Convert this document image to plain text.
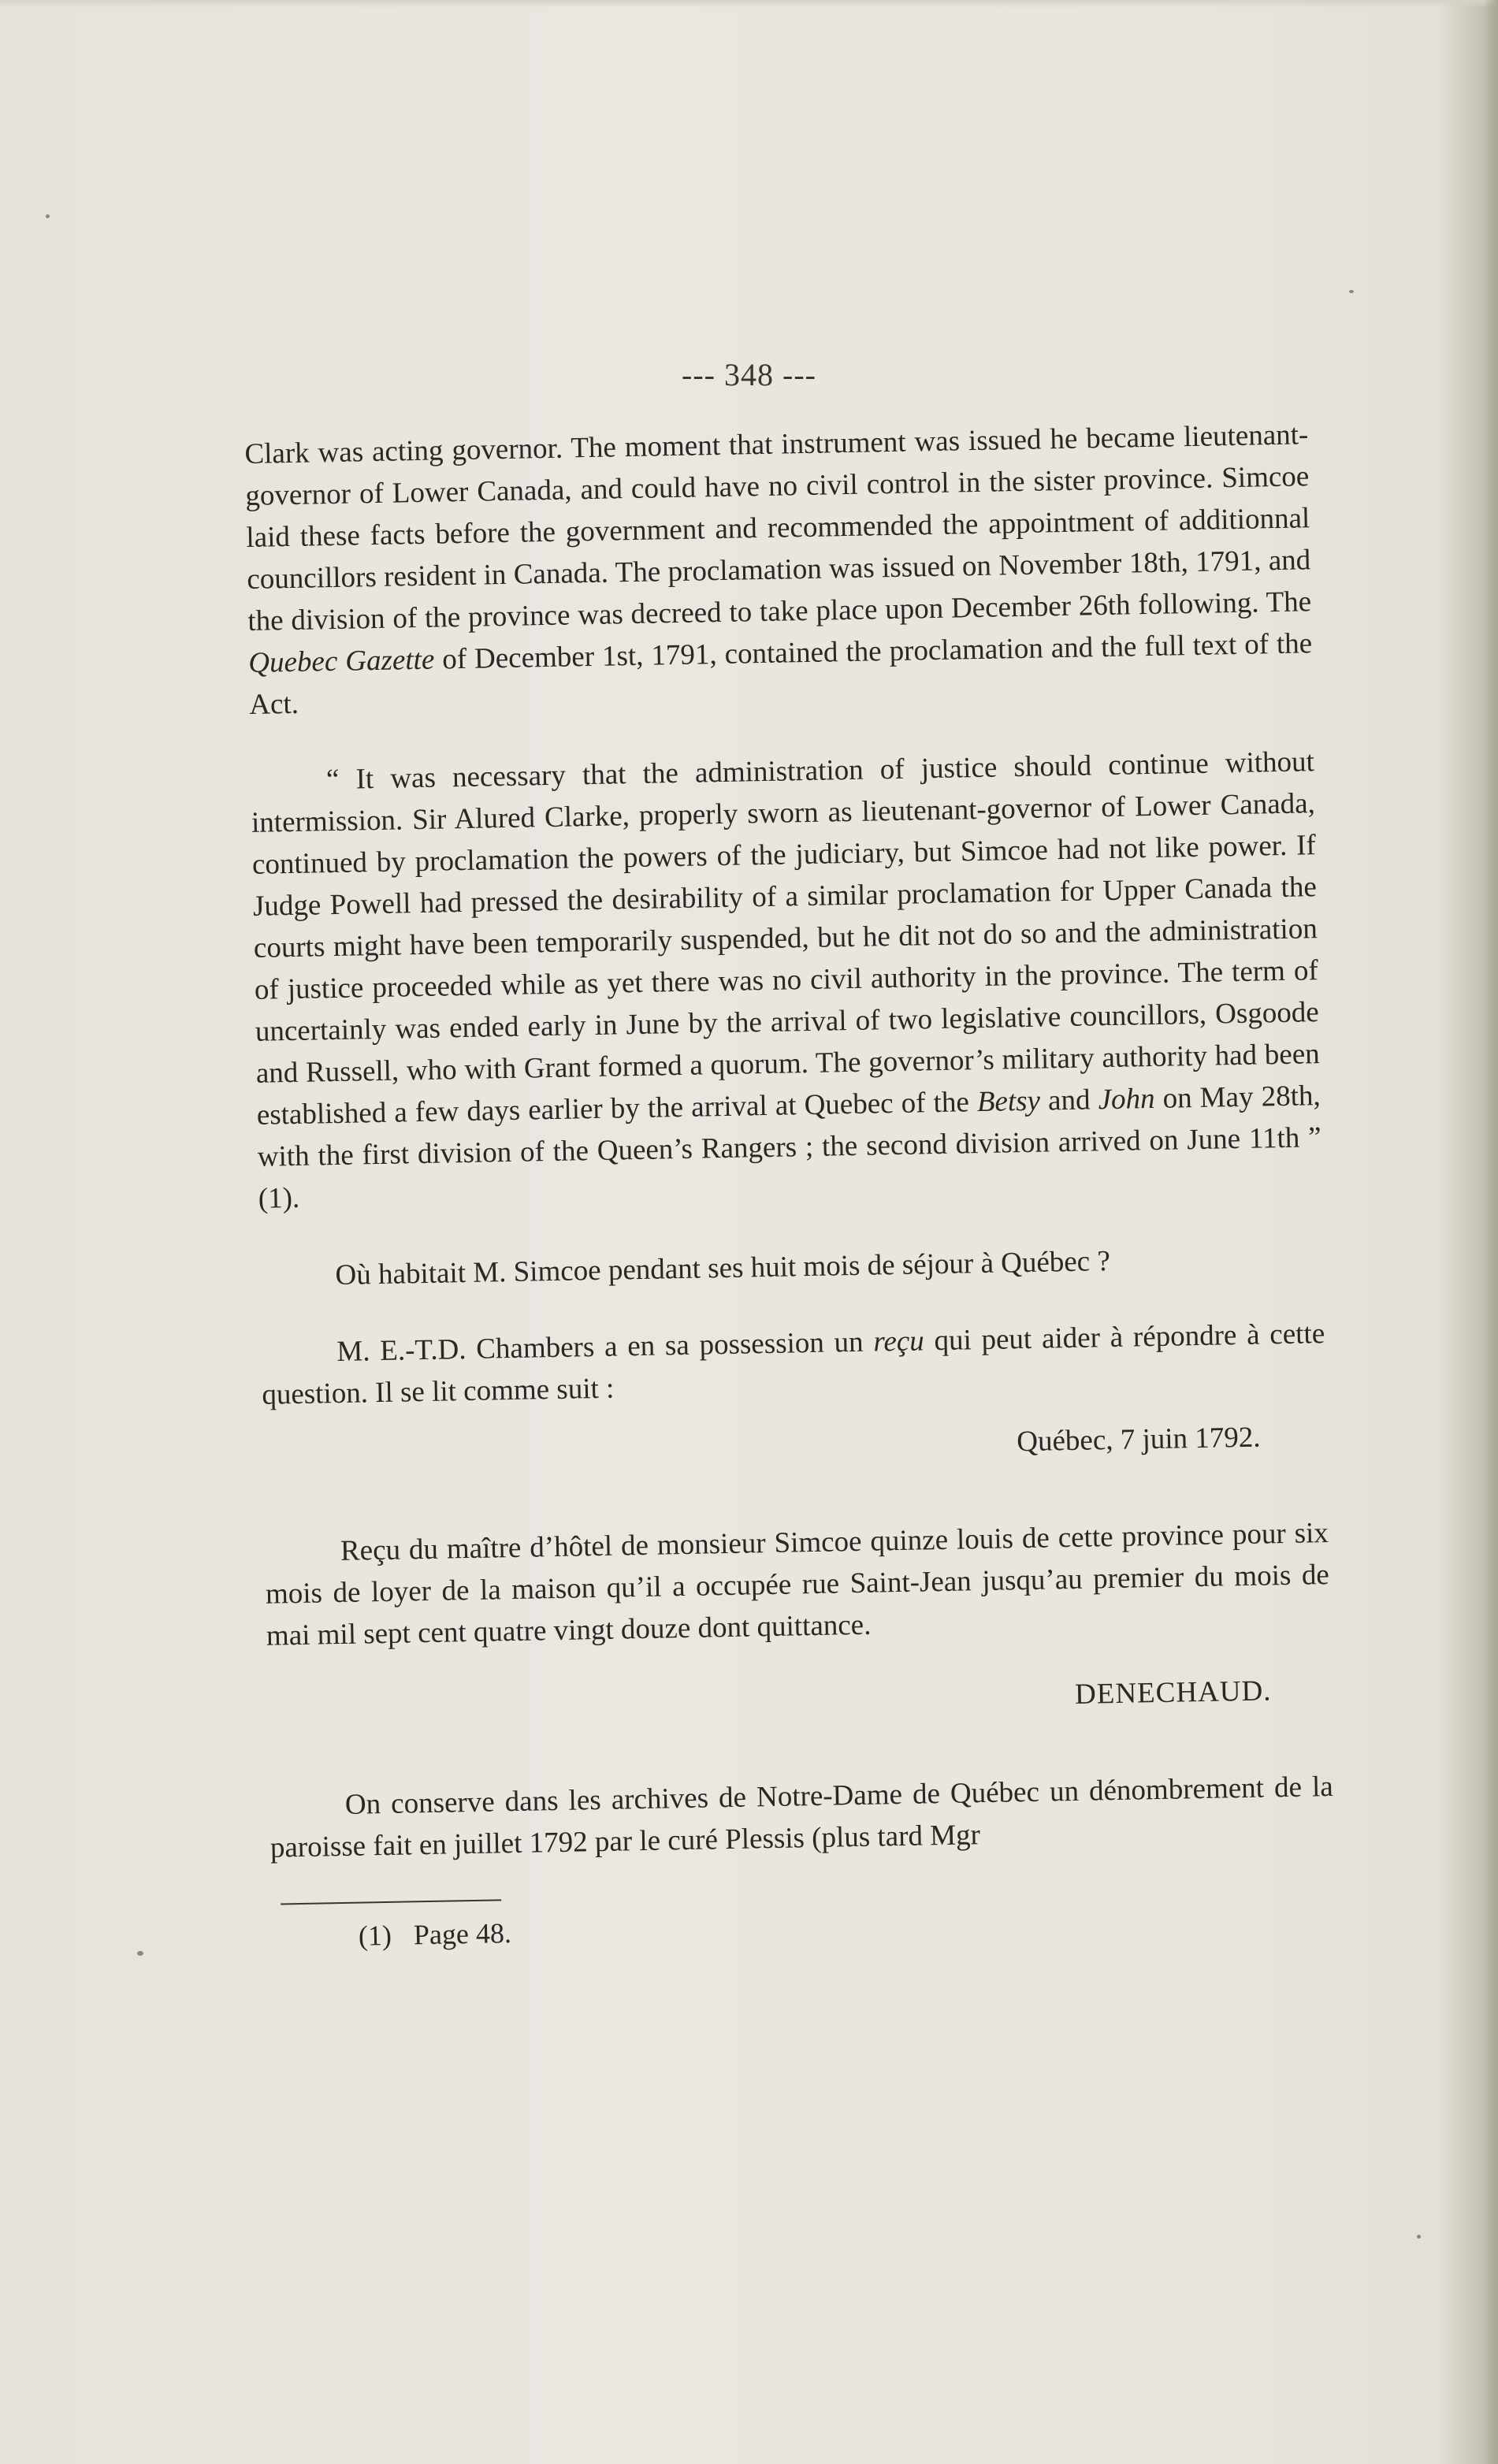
--- 348 ---

Clark was acting governor. The moment that instrument was issued he became lieutenant-governor of Lower Canada, and could have no civil control in the sister province. Simcoe laid these facts before the government and recommended the appointment of additionnal councillors resident in Canada. The proclamation was issued on November 18th, 1791, and the division of the province was decreed to take place upon December 26th following. The Quebec Gazette of December 1st, 1791, contained the proclamation and the full text of the Act.

“ It was necessary that the administration of justice should continue without intermission. Sir Alured Clarke, properly sworn as lieutenant-governor of Lower Canada, continued by proclamation the powers of the judiciary, but Simcoe had not like power. If Judge Powell had pressed the desirability of a similar proclamation for Upper Canada the courts might have been temporarily suspended, but he dit not do so and the administration of justice proceeded while as yet there was no civil authority in the province. The term of uncertainly was ended early in June by the arrival of two legislative councillors, Osgoode and Russell, who with Grant formed a quorum. The governor’s military authority had been established a few days earlier by the arrival at Quebec of the Betsy and John on May 28th, with the first division of the Queen’s Rangers ; the second division arrived on June 11th ” (1).

Où habitait M. Simcoe pendant ses huit mois de séjour à Québec ?

M. E.-T.D. Chambers a en sa possession un reçu qui peut aider à répondre à cette question. Il se lit comme suit :

Québec, 7 juin 1792.

Reçu du maître d’hôtel de monsieur Simcoe quinze louis de cette province pour six mois de loyer de la maison qu’il a occupée rue Saint-Jean jusqu’au premier du mois de mai mil sept cent quatre vingt douze dont quittance.

DENECHAUD.

On conserve dans les archives de Notre-Dame de Québec un dénombrement de la paroisse fait en juillet 1792 par le curé Plessis (plus tard Mgr

(1) Page 48.
